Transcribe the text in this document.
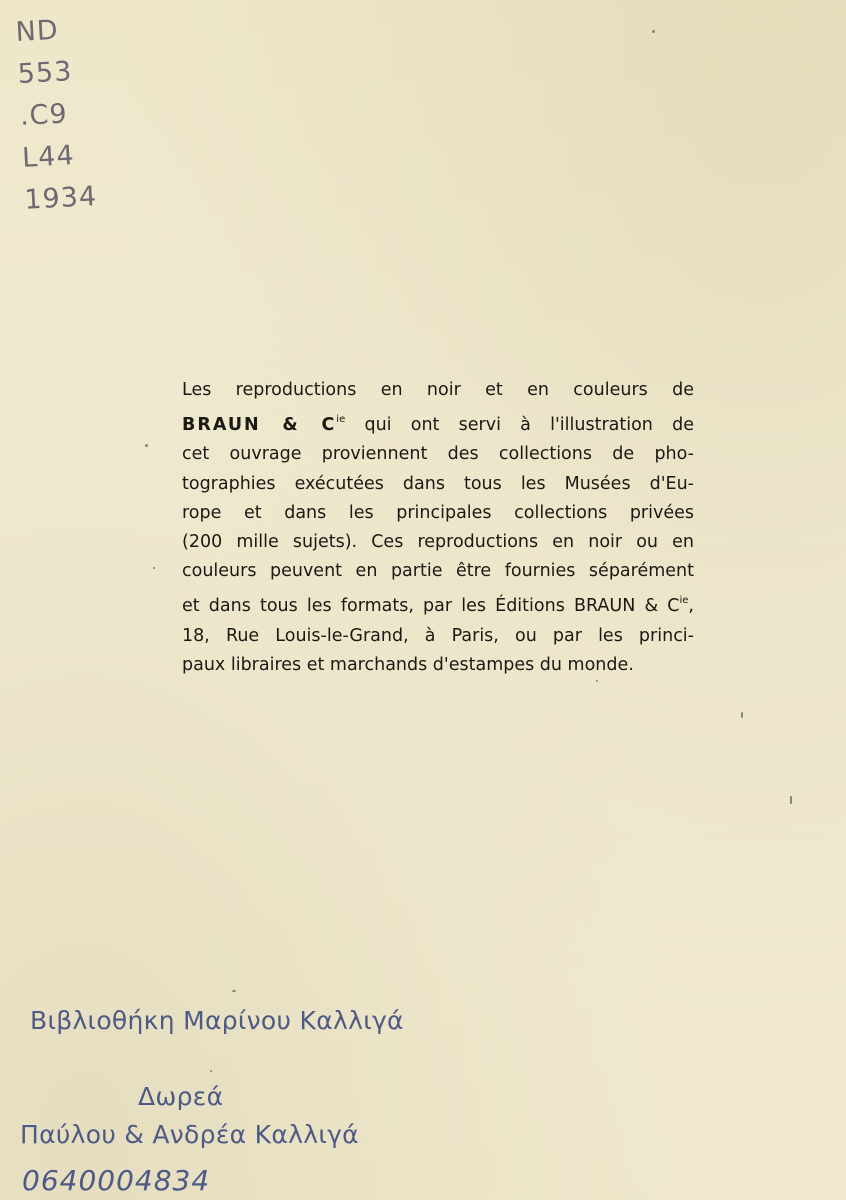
ND
553
.C9
L44
1934
Les reproductions en noir et en couleurs de
BRAUN & $C^{ie}$ qui ont servi à l'illustration de
cet ouvrage proviennent des collections de pho-
tographies exécutées dans tous les Musées d'Eu-
rope et dans les principales collections privées
(200 mille sujets). Ces reproductions en noir ou en
couleurs peuvent en partie être fournies séparément
et dans tous les formats, par les Éditions BRAUN & $C^{ie}$,
18, Rue Louis-le-Grand, à Paris, ou par les princi-
paux libraires et marchands d'estampes du monde.
Βιβλιοθήκη Μαρίνου Καλλιγά
Δωρεά
Παύλου & Ανδρέα Καλλιγά
0640004834
